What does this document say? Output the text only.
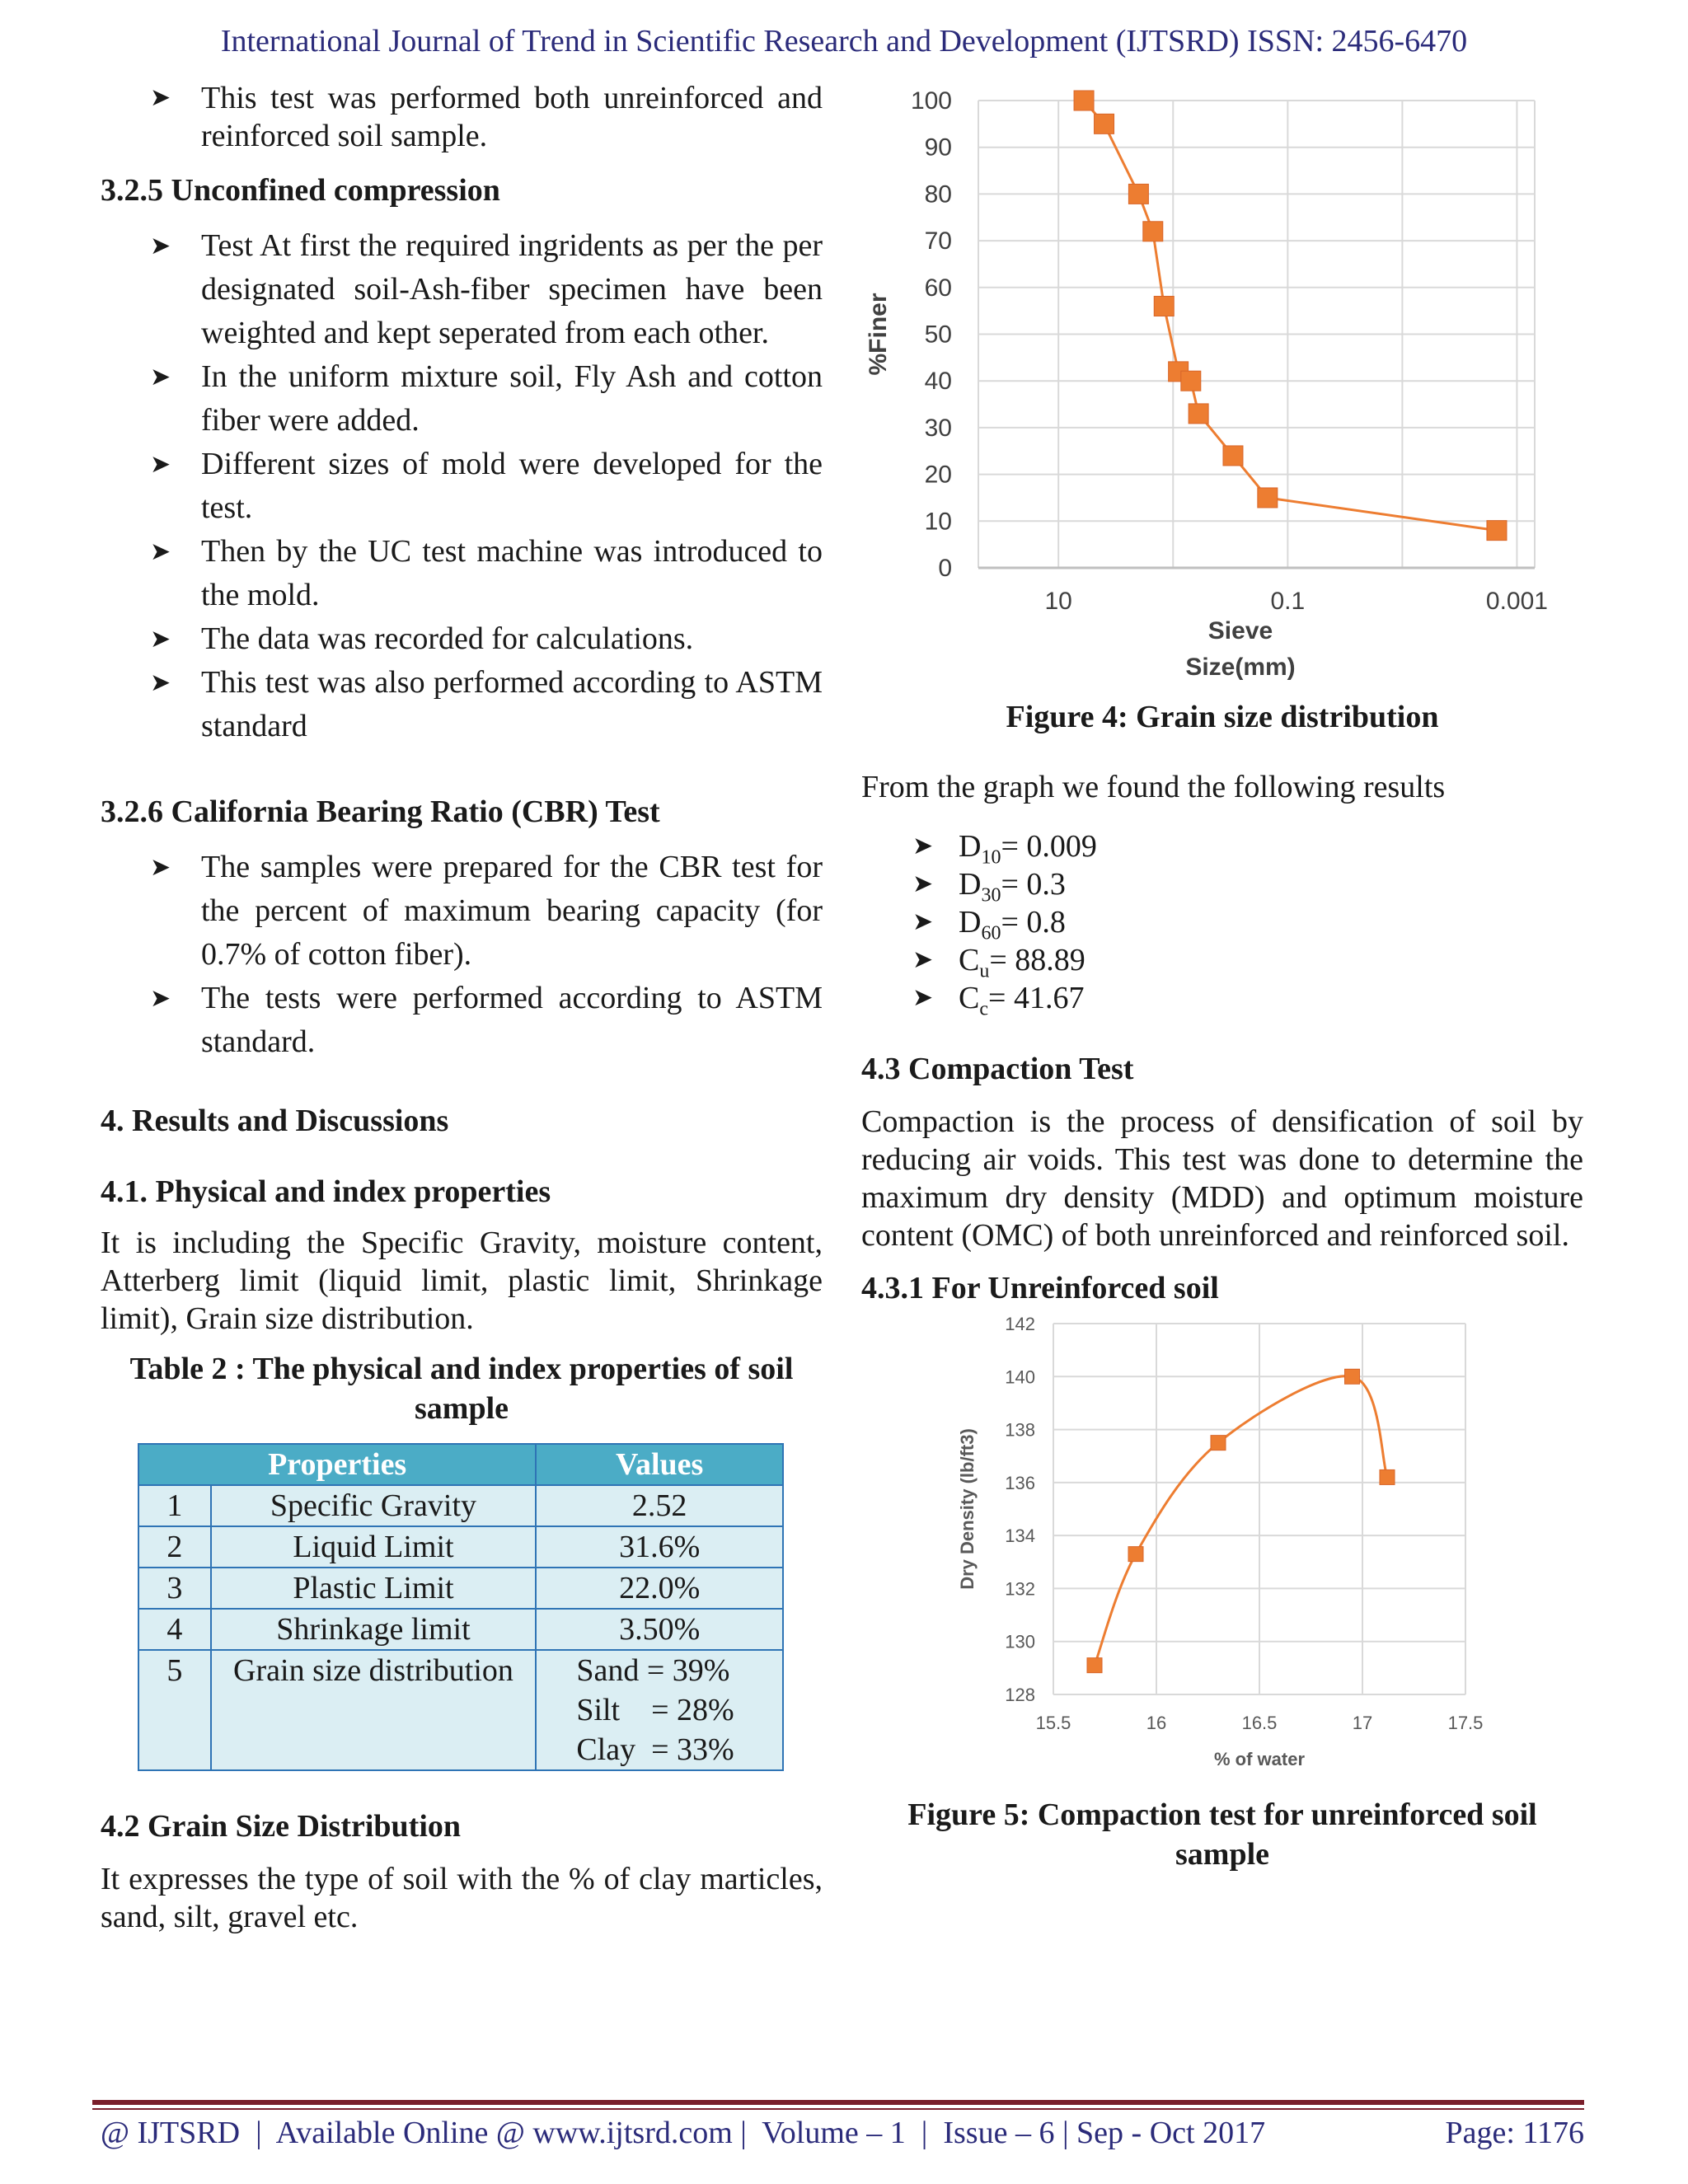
International Journal of Trend in Scientific Research and Development (IJTSRD) ISSN: 2456-6470
➤ This test was performed both unreinforced and reinforced soil sample.
3.2.5 Unconfined compression
➤ Test At first the required ingridents as per the per designated soil-Ash-fiber specimen have been weighted and kept seperated from each other.
➤ In the uniform mixture soil, Fly Ash and cotton fiber were added.
➤ Different sizes of mold were developed for the test.
➤ Then by the UC test machine was introduced to the mold.
➤ The data was recorded for calculations.
➤ This test was also performed according to ASTM standard
3.2.6 California Bearing Ratio (CBR) Test
➤ The samples were prepared for the CBR test for the percent of maximum bearing capacity (for 0.7% of cotton fiber).
➤ The tests were performed according to ASTM standard.
4. Results and Discussions
4.1. Physical and index properties

It is including the Specific Gravity, moisture content, Atterberg limit (liquid limit, plastic limit, Shrinkage limit), Grain size distribution.

Table 2 : The physical and index properties of soil sample
Properties		Values
1	Specific Gravity	2.52
2	Liquid Limit	31.6%
3	Plastic Limit	22.0%
4	Shrinkage limit	3.50%
5	Grain size distribution	Sand = 39%
Silt    = 28%
Clay  = 33%
4.2 Grain Size Distribution

It expresses the type of soil with the % of clay marticles, sand, silt, gravel etc.

0
10
20
30
40
50
60
70
80
90
100
10	0.1	0.001
Sieve
Size(mm)
%Finer
Figure 4: Grain size distribution

From the graph we found the following results

➤ $D_{10}= 0.009$
➤ $D_{30}= 0.3$
➤ $D_{60}= 0.8$
➤ $C_u= 88.89$
➤ $C_c= 41.67$
4.3 Compaction Test

Compaction is the process of densification of soil by reducing air voids. This test was done to determine the maximum dry density (MDD) and optimum moisture content (OMC) of both unreinforced and reinforced soil.

4.3.1 For Unreinforced soil
128
130
132
134
136
138
140
142
15.5	16	16.5	17	17.5
% of water
Dry Density (lb/ft3)
Figure 5: Compaction test for unreinforced soil sample
@ IJTSRD  |  Available Online @ www.ijtsrd.com |  Volume – 1  |  Issue – 6 | Sep - Oct 2017	Page: 1176
